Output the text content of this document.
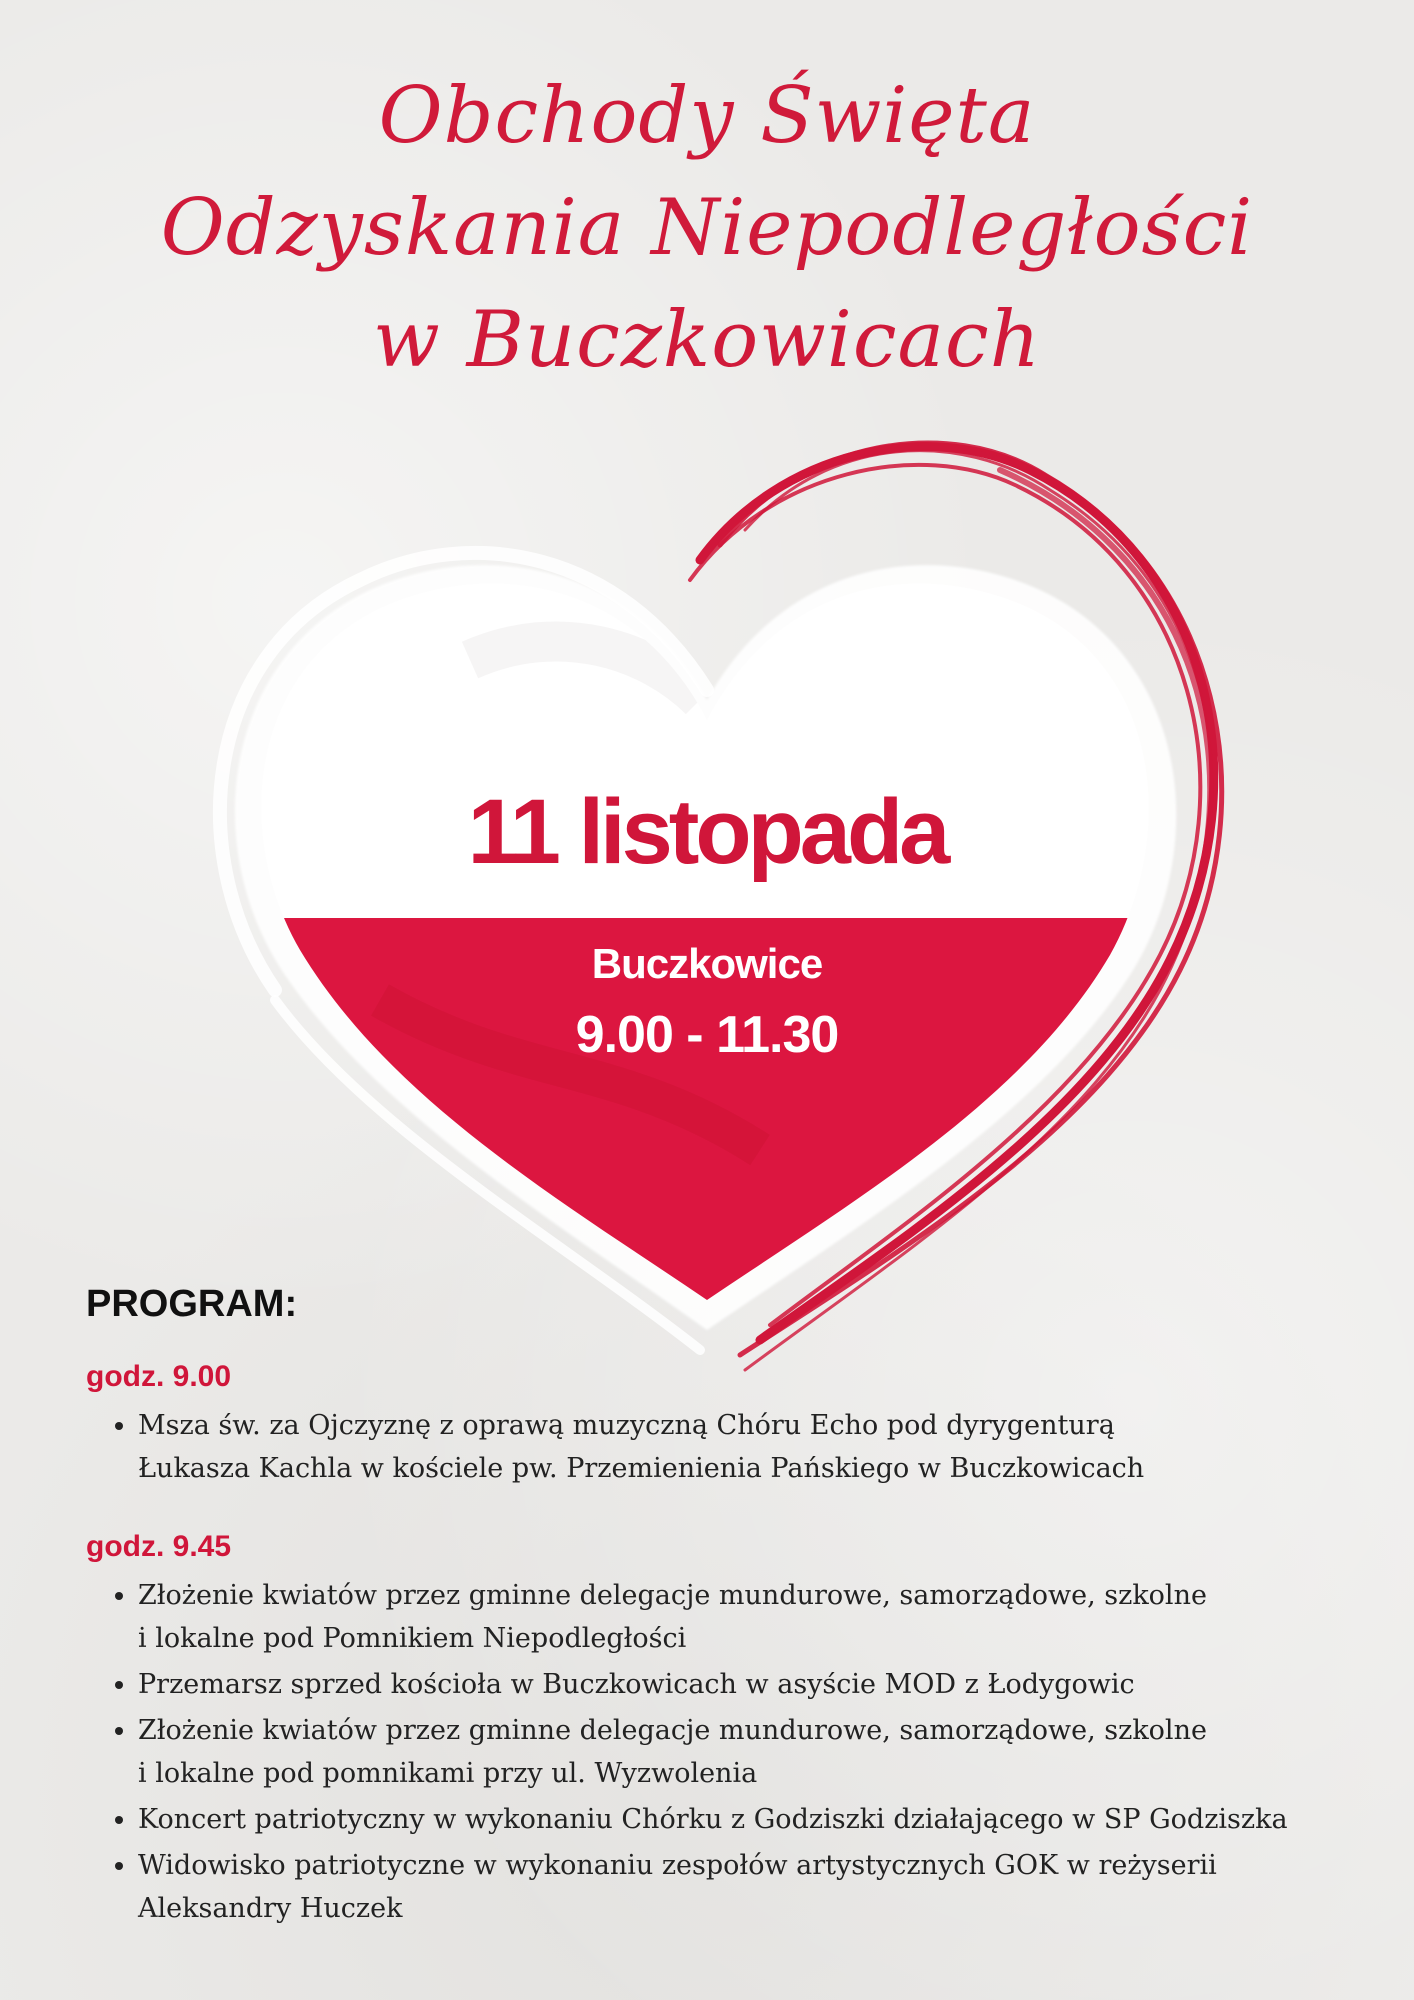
Obchody Święta
Odzyskania Niepodległości
w Buczkowicach
11 listopada
Buczkowice
9.00 - 11.30
PROGRAM:
godz. 9.00
• Msza św. za Ojczyznę z oprawą muzyczną Chóru Echo pod dyrygenturą
Łukasza Kachla w kościele pw. Przemienienia Pańskiego w Buczkowicach
godz. 9.45
• Złożenie kwiatów przez gminne delegacje mundurowe, samorządowe, szkolne
i lokalne pod Pomnikiem Niepodległości
• Przemarsz sprzed kościoła w Buczkowicach w asyście MOD z Łodygowic
• Złożenie kwiatów przez gminne delegacje mundurowe, samorządowe, szkolne
i lokalne pod pomnikami przy ul. Wyzwolenia
• Koncert patriotyczny w wykonaniu Chórku z Godziszki działającego w SP Godziszka
• Widowisko patriotyczne w wykonaniu zespołów artystycznych GOK w reżyserii
Aleksandry Huczek
